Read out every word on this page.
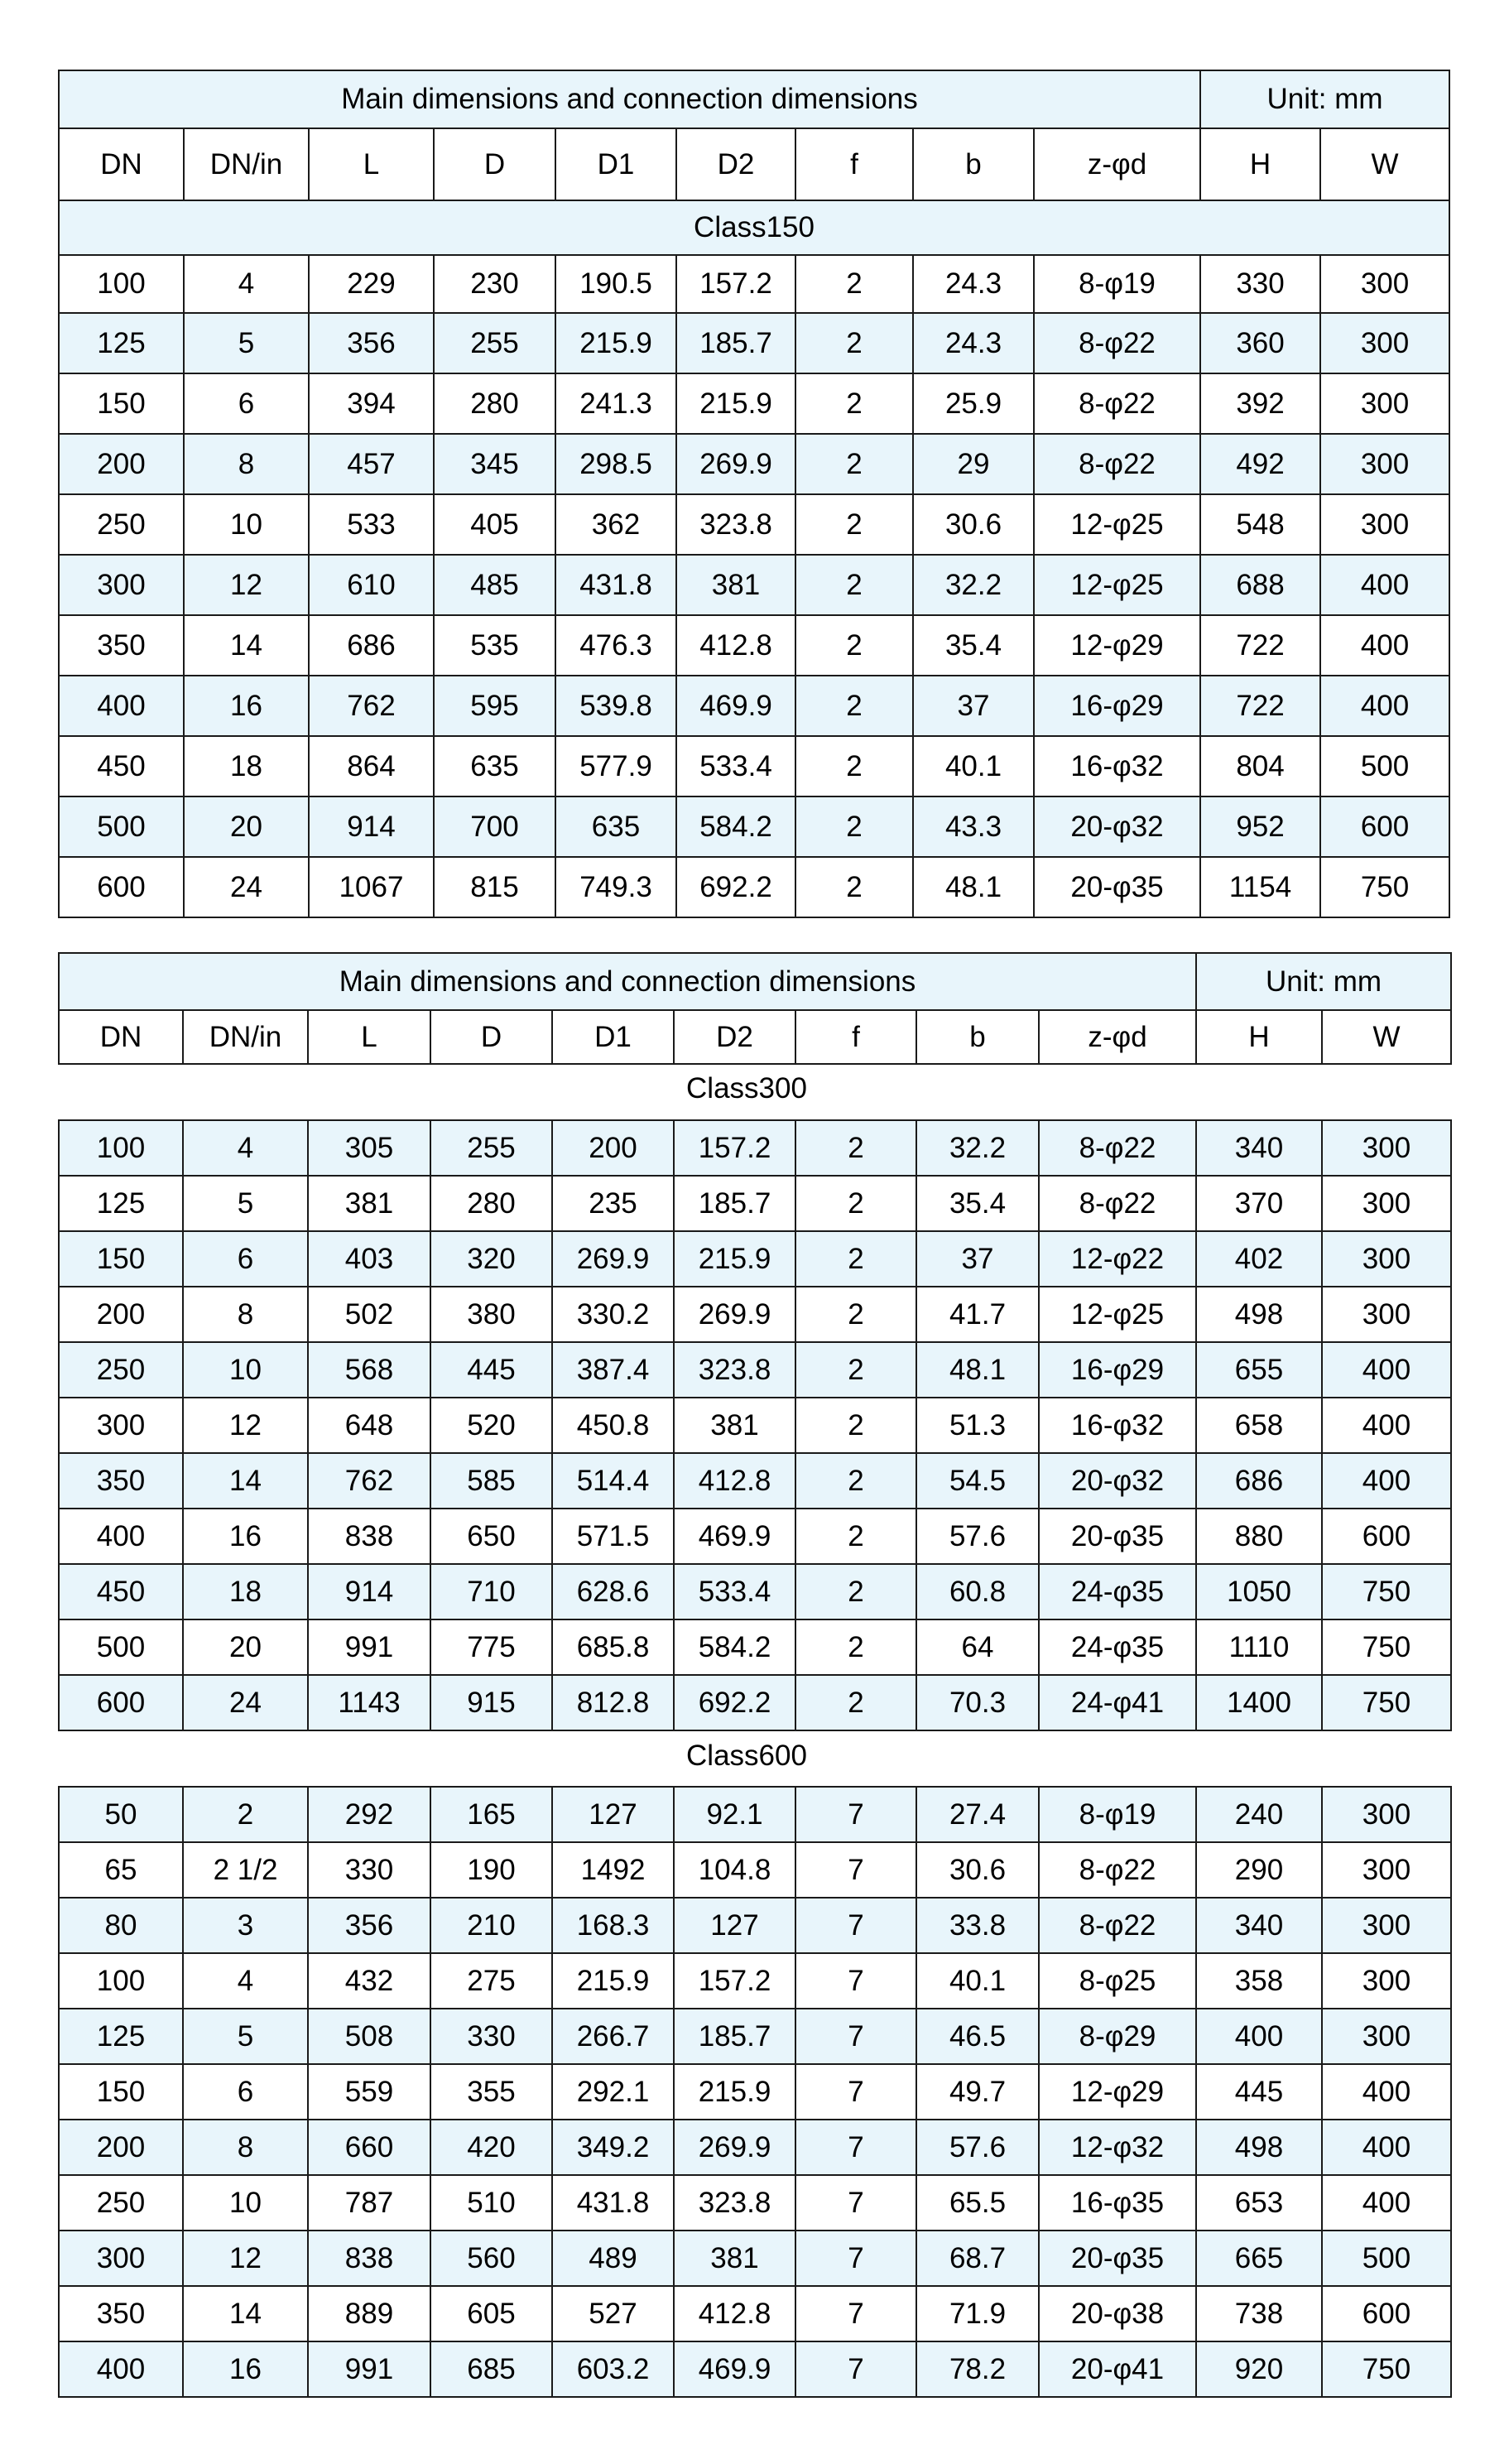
Main dimensions and connection dimensions									Unit: mm	
DN	DN/in	L	D	D1	D2	f	b	z-φd	H	W
Class150										
100	4	229	230	190.5	157.2	2	24.3	8-φ19	330	300
125	5	356	255	215.9	185.7	2	24.3	8-φ22	360	300
150	6	394	280	241.3	215.9	2	25.9	8-φ22	392	300
200	8	457	345	298.5	269.9	2	29	8-φ22	492	300
250	10	533	405	362	323.8	2	30.6	12-φ25	548	300
300	12	610	485	431.8	381	2	32.2	12-φ25	688	400
350	14	686	535	476.3	412.8	2	35.4	12-φ29	722	400
400	16	762	595	539.8	469.9	2	37	16-φ29	722	400
450	18	864	635	577.9	533.4	2	40.1	16-φ32	804	500
500	20	914	700	635	584.2	2	43.3	20-φ32	952	600
600	24	1067	815	749.3	692.2	2	48.1	20-φ35	1154	750
Main dimensions and connection dimensions									Unit: mm	
DN	DN/in	L	D	D1	D2	f	b	z-φd	H	W
Class300
100	4	305	255	200	157.2	2	32.2	8-φ22	340	300
125	5	381	280	235	185.7	2	35.4	8-φ22	370	300
150	6	403	320	269.9	215.9	2	37	12-φ22	402	300
200	8	502	380	330.2	269.9	2	41.7	12-φ25	498	300
250	10	568	445	387.4	323.8	2	48.1	16-φ29	655	400
300	12	648	520	450.8	381	2	51.3	16-φ32	658	400
350	14	762	585	514.4	412.8	2	54.5	20-φ32	686	400
400	16	838	650	571.5	469.9	2	57.6	20-φ35	880	600
450	18	914	710	628.6	533.4	2	60.8	24-φ35	1050	750
500	20	991	775	685.8	584.2	2	64	24-φ35	1110	750
600	24	1143	915	812.8	692.2	2	70.3	24-φ41	1400	750
Class600
50	2	292	165	127	92.1	7	27.4	8-φ19	240	300
65	2 1/2	330	190	1492	104.8	7	30.6	8-φ22	290	300
80	3	356	210	168.3	127	7	33.8	8-φ22	340	300
100	4	432	275	215.9	157.2	7	40.1	8-φ25	358	300
125	5	508	330	266.7	185.7	7	46.5	8-φ29	400	300
150	6	559	355	292.1	215.9	7	49.7	12-φ29	445	400
200	8	660	420	349.2	269.9	7	57.6	12-φ32	498	400
250	10	787	510	431.8	323.8	7	65.5	16-φ35	653	400
300	12	838	560	489	381	7	68.7	20-φ35	665	500
350	14	889	605	527	412.8	7	71.9	20-φ38	738	600
400	16	991	685	603.2	469.9	7	78.2	20-φ41	920	750
